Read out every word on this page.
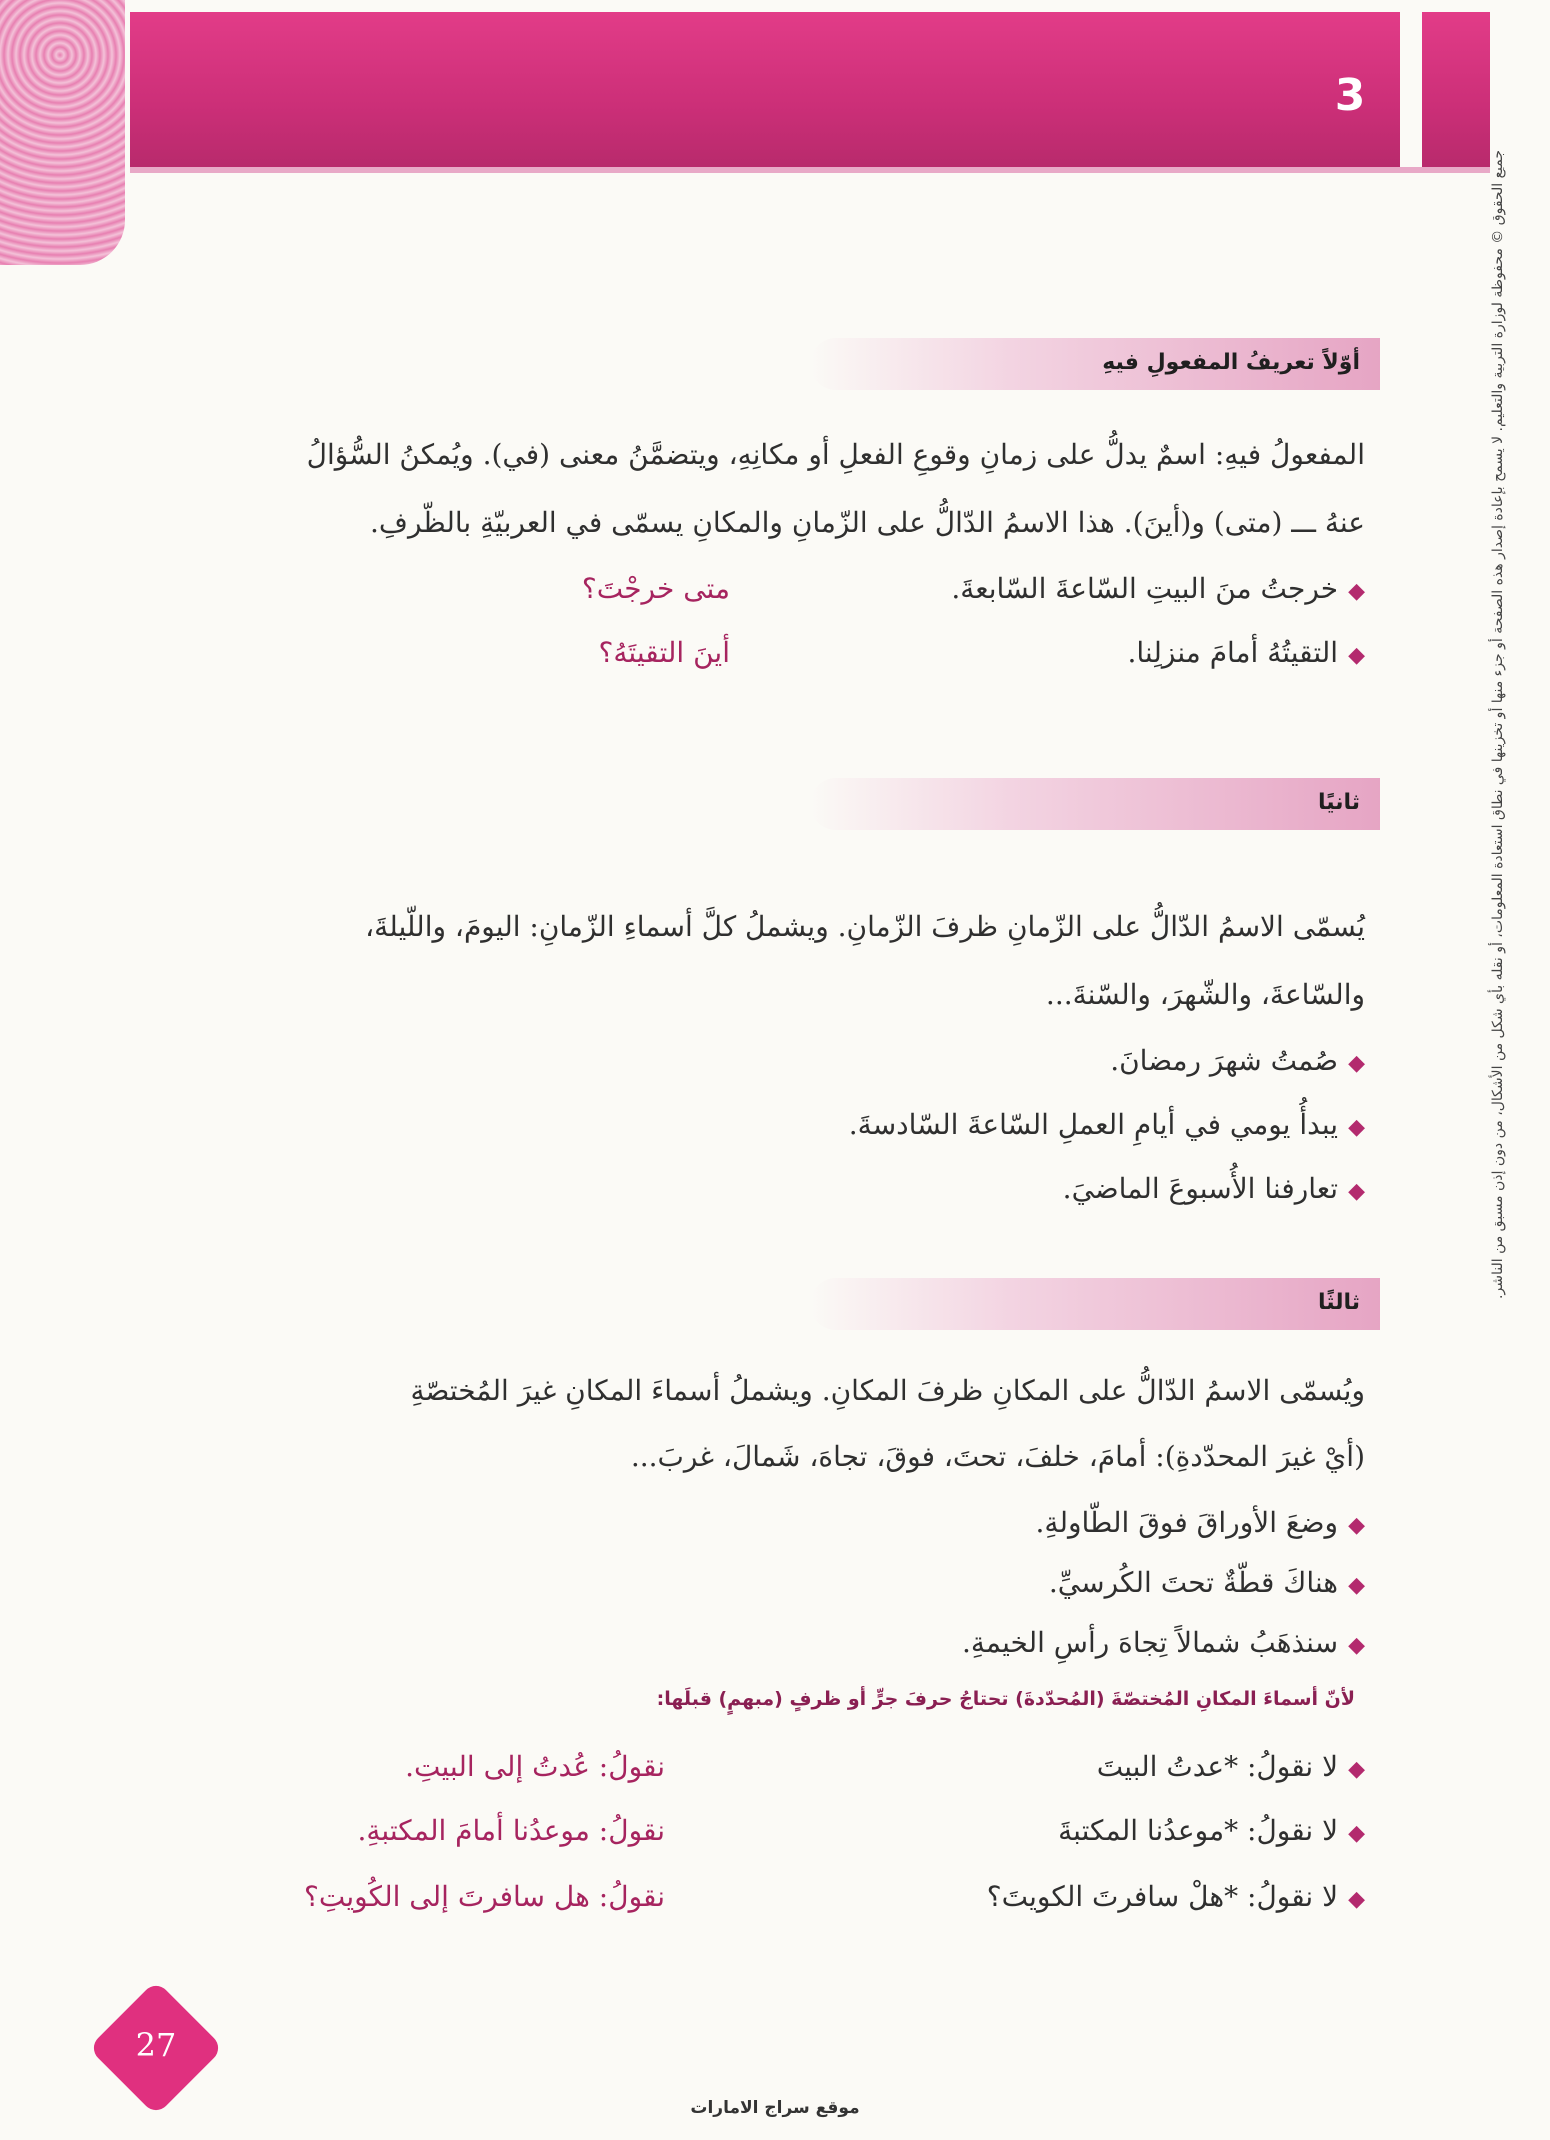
3
جميع الحقوق © محفوظة لوزارة التربية والتعليم. لا يسمح بإعادة إصدار هذه الصفحة أو جزء منها أو تخزينها في نطاق استعادة المعلومات، أو نقله بأي شكل من الأشكال، من دون إذن مسبق من الناشر.
أوّلاً تعريفُ المفعولِ فيهِ
المفعولُ فيهِ: اسمٌ يدلُّ على زمانِ وقوعِ الفعلِ أو مكانِهِ، ويتضمَّنُ معنى (في). ويُمكنُ السُّؤالُ
عنهُ ـــ (متى) و(أينَ). هذا الاسمُ الدّالُّ على الزّمانِ والمكانِ يسمّى في العربيّةِ بالظّرفِ.
◆خرجتُ منَ البيتِ السّاعةَ السّابعةَ.
متى خرجْتَ؟
◆التقيتُهُ أمامَ منزلِنا.
أينَ التقيتَهُ؟
ثانيًا
يُسمّى الاسمُ الدّالُّ على الزّمانِ ظرفَ الزّمانِ. ويشملُ كلَّ أسماءِ الزّمانِ: اليومَ، واللّيلةَ،
والسّاعةَ، والشّهرَ، والسّنةَ...
◆صُمتُ شهرَ رمضانَ.
◆يبدأُ يومي في أيامِ العملِ السّاعةَ السّادسةَ.
◆تعارفنا الأُسبوعَ الماضيَ.
ثالثًا
ويُسمّى الاسمُ الدّالُّ على المكانِ ظرفَ المكانِ. ويشملُ أسماءَ المكانِ غيرَ المُختصّةِ
(أيْ غيرَ المحدّدةِ): أمامَ، خلفَ، تحتَ، فوقَ، تجاهَ، شَمالَ، غربَ...
◆وضعَ الأوراقَ فوقَ الطّاولةِ.
◆هناكَ قطّةٌ تحتَ الكُرسيِّ.
◆سنذهَبُ شمالاً تِجاهَ رأسِ الخيمةِ.
لأنّ أسماءَ المكانِ المُختصّةَ (المُحدّدةَ) تحتاجُ حرفَ جرٍّ أو ظرفٍ (مبهمٍ) قبلَها:
◆لا نقولُ: *عدتُ البيتَ
نقولُ: عُدتُ إلى البيتِ.
◆لا نقولُ: *موعدُنا المكتبةَ
نقولُ: موعدُنا أمامَ المكتبةِ.
◆لا نقولُ: *هلْ سافرتَ الكويتَ؟
نقولُ: هل سافرتَ إلى الكُويتِ؟
27
موقع سراج الامارات
